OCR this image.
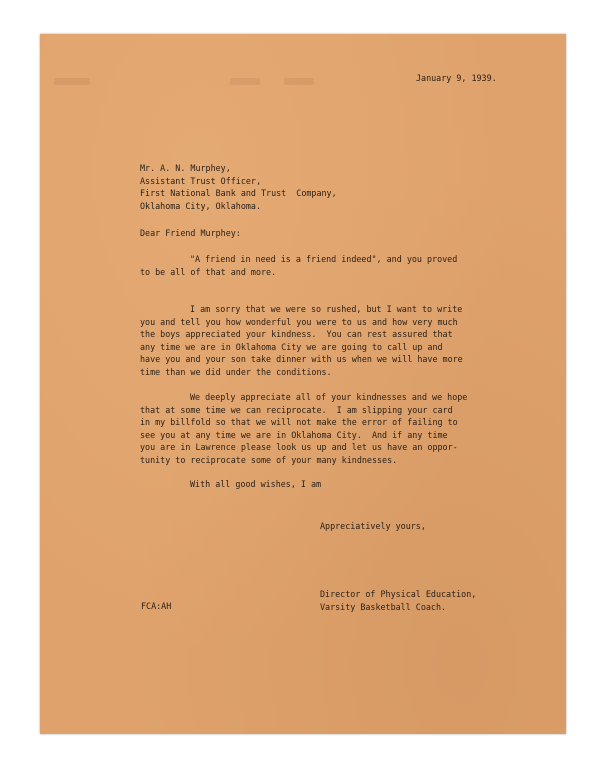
January 9, 1939.
Mr. A. N. Murphey,
Assistant Trust Officer,
First National Bank and Trust  Company,
Oklahoma City, Oklahoma.
Dear Friend Murphey:
"A friend in need is a friend indeed", and you proved
to be all of that and more.
I am sorry that we were so rushed, but I want to write
you and tell you how wonderful you were to us and how very much
the boys appreciated your kindness.  You can rest assured that
any time we are in Oklahoma City we are going to call up and
have you and your son take dinner with us when we will have more
time than we did under the conditions.
We deeply appreciate all of your kindnesses and we hope
that at some time we can reciprocate.  I am slipping your card
in my billfold so that we will not make the error of failing to
see you at any time we are in Oklahoma City.  And if any time
you are in Lawrence please look us up and let us have an oppor-
tunity to reciprocate some of your many kindnesses.
With all good wishes, I am
Appreciatively yours,
Director of Physical Education,
Varsity Basketball Coach.
FCA:AH
